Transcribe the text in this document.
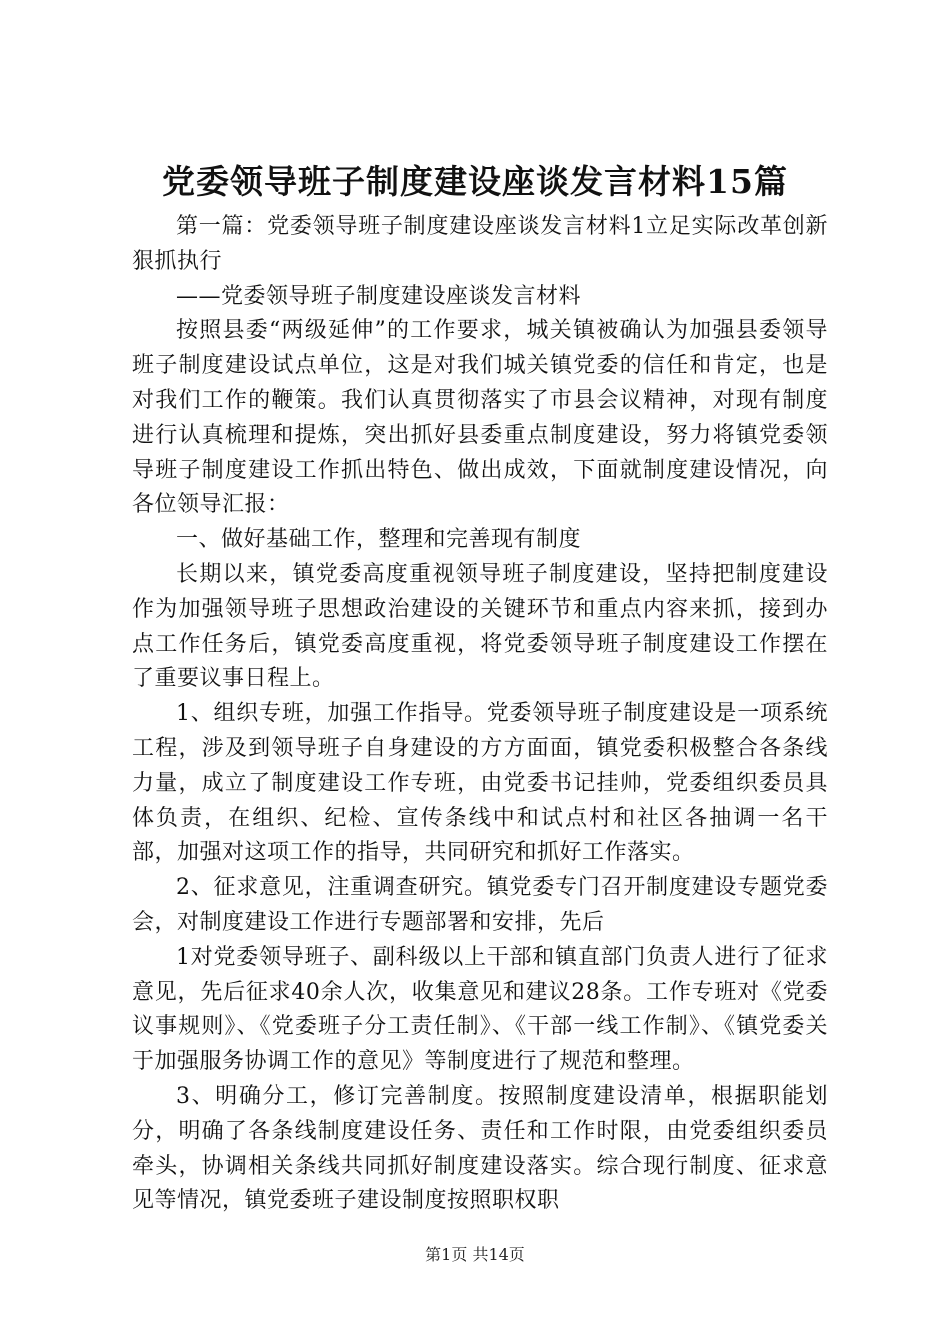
党委领导班子制度建设座谈发言材料15篇

第一篇：党委领导班子制度建设座谈发言材料1立足实际改革创新狠抓执行

——党委领导班子制度建设座谈发言材料

按照县委“两级延伸”的工作要求，城关镇被确认为加强县委领导班子制度建设试点单位，这是对我们城关镇党委的信任和肯定，也是对我们工作的鞭策。我们认真贯彻落实了市县会议精神，对现有制度进行认真梳理和提炼，突出抓好县委重点制度建设，努力将镇党委领导班子制度建设工作抓出特色、做出成效，下面就制度建设情况，向各位领导汇报：

一、做好基础工作，整理和完善现有制度

长期以来，镇党委高度重视领导班子制度建设，坚持把制度建设作为加强领导班子思想政治建设的关键环节和重点内容来抓，接到办点工作任务后，镇党委高度重视，将党委领导班子制度建设工作摆在了重要议事日程上。

1、组织专班，加强工作指导。党委领导班子制度建设是一项系统工程，涉及到领导班子自身建设的方方面面，镇党委积极整合各条线力量，成立了制度建设工作专班，由党委书记挂帅，党委组织委员具体负责，在组织、纪检、宣传条线中和试点村和社区各抽调一名干部，加强对这项工作的指导，共同研究和抓好工作落实。

2、征求意见，注重调查研究。镇党委专门召开制度建设专题党委会，对制度建设工作进行专题部署和安排，先后

1对党委领导班子、副科级以上干部和镇直部门负责人进行了征求意见，先后征求40余人次，收集意见和建议28条。工作专班对《党委议事规则》、《党委班子分工责任制》、《干部一线工作制》、《镇党委关于加强服务协调工作的意见》等制度进行了规范和整理。

3、明确分工，修订完善制度。按照制度建设清单，根据职能划分，明确了各条线制度建设任务、责任和工作时限，由党委组织委员牵头，协调相关条线共同抓好制度建设落实。综合现行制度、征求意见等情况，镇党委班子建设制度按照职权职

第1页 共14页
